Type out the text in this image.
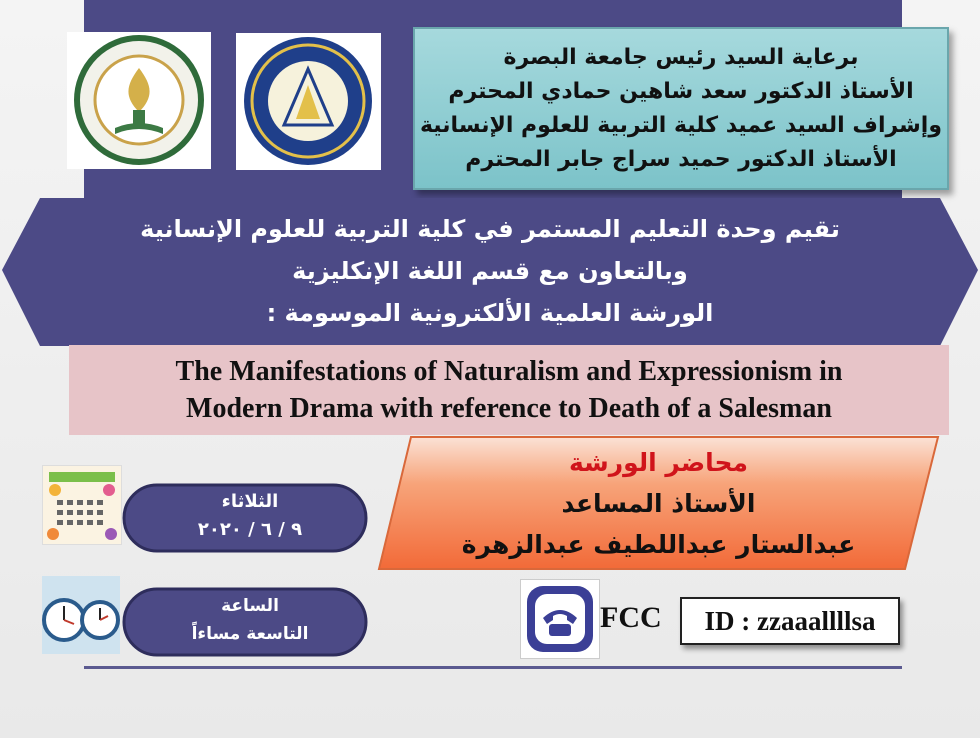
برعاية السيد رئيس جامعة البصرة
الأستاذ الدكتور سعد شاهين حمادي المحترم
وإشراف السيد عميد كلية التربية للعلوم الإنسانية
الأستاذ الدكتور حميد سراج جابر المحترم
تقيم وحدة التعليم المستمر في كلية التربية للعلوم الإنسانية
وبالتعاون مع قسم اللغة الإنكليزية
الورشة العلمية الألكترونية الموسومة :
The Manifestations of Naturalism and Expressionism in
Modern Drama with reference to Death of a Salesman
محاضر الورشة
الأستاذ المساعد
عبدالستار عبداللطيف عبدالزهرة
الثلاثاء
٩ / ٦ / ٢٠٢٠
الساعة
التاسعة مساءاً	FCC	ID : zzaaallllsa
